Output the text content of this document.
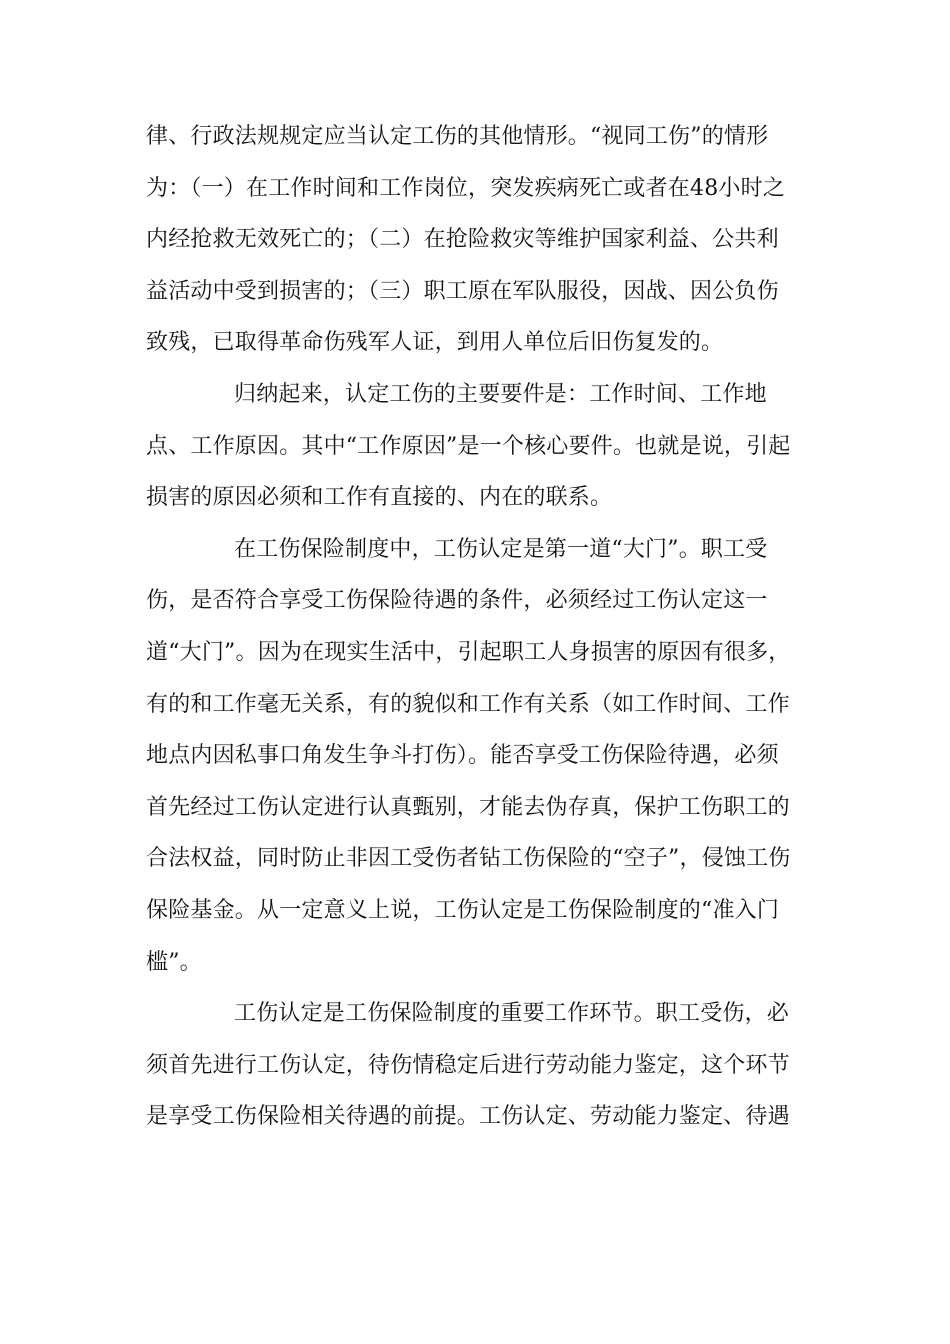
律、行政法规规定应当认定工伤的其他情形。“视同工伤”的情形
为：（一）在工作时间和工作岗位，突发疾病死亡或者在48小时之
内经抢救无效死亡的；（二）在抢险救灾等维护国家利益、公共利
益活动中受到损害的；（三）职工原在军队服役，因战、因公负伤
致残，已取得革命伤残军人证，到用人单位后旧伤复发的。
归纳起来，认定工伤的主要要件是：工作时间、工作地
点、工作原因。其中“工作原因”是一个核心要件。也就是说，引起
损害的原因必须和工作有直接的、内在的联系。
在工伤保险制度中，工伤认定是第一道“大门”。职工受
伤，是否符合享受工伤保险待遇的条件，必须经过工伤认定这一
道“大门”。因为在现实生活中，引起职工人身损害的原因有很多，
有的和工作毫无关系，有的貌似和工作有关系（如工作时间、工作
地点内因私事口角发生争斗打伤）。能否享受工伤保险待遇，必须
首先经过工伤认定进行认真甄别，才能去伪存真，保护工伤职工的
合法权益，同时防止非因工受伤者钻工伤保险的“空子”，侵蚀工伤
保险基金。从一定意义上说，工伤认定是工伤保险制度的“准入门
槛”。
工伤认定是工伤保险制度的重要工作环节。职工受伤，必
须首先进行工伤认定，待伤情稳定后进行劳动能力鉴定，这个环节
是享受工伤保险相关待遇的前提。工伤认定、劳动能力鉴定、待遇
